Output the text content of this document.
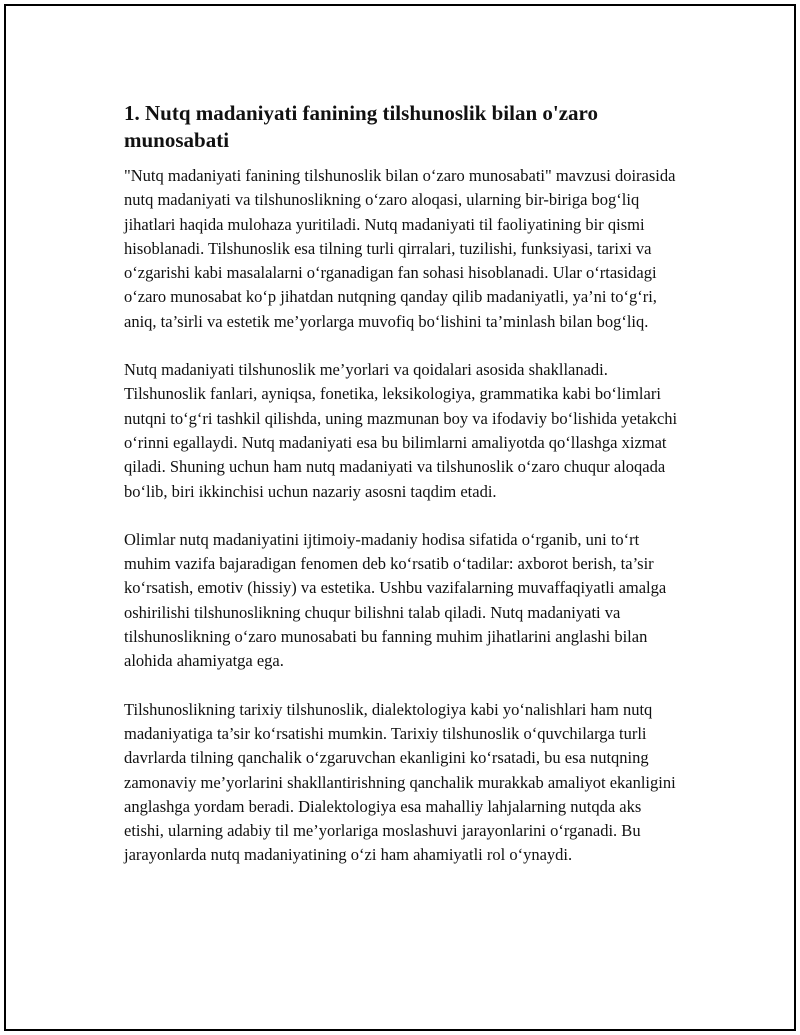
1. Nutq madaniyati fanining tilshunoslik bilan o'zaro munosabati

"Nutq madaniyati fanining tilshunoslik bilan o‘zaro munosabati" mavzusi doirasida nutq madaniyati va tilshunoslikning o‘zaro aloqasi, ularning bir-biriga bog‘liq jihatlari haqida mulohaza yuritiladi. Nutq madaniyati til faoliyatining bir qismi hisoblanadi. Tilshunoslik esa tilning turli qirralari, tuzilishi, funksiyasi, tarixi va o‘zgarishi kabi masalalarni o‘rganadigan fan sohasi hisoblanadi. Ular o‘rtasidagi o‘zaro munosabat ko‘p jihatdan nutqning qanday qilib madaniyatli, ya’ni to‘g‘ri, aniq, ta’sirli va estetik me’yorlarga muvofiq bo‘lishini ta’minlash bilan bog‘liq.

Nutq madaniyati tilshunoslik me’yorlari va qoidalari asosida shakllanadi. Tilshunoslik fanlari, ayniqsa, fonetika, leksikologiya, grammatika kabi bo‘limlari nutqni to‘g‘ri tashkil qilishda, uning mazmunan boy va ifodaviy bo‘lishida yetakchi o‘rinni egallaydi. Nutq madaniyati esa bu bilimlarni amaliyotda qo‘llashga xizmat qiladi. Shuning uchun ham nutq madaniyati va tilshunoslik o‘zaro chuqur aloqada bo‘lib, biri ikkinchisi uchun nazariy asosni taqdim etadi.

Olimlar nutq madaniyatini ijtimoiy-madaniy hodisa sifatida o‘rganib, uni to‘rt muhim vazifa bajaradigan fenomen deb ko‘rsatib o‘tadilar: axborot berish, ta’sir ko‘rsatish, emotiv (hissiy) va estetika. Ushbu vazifalarning muvaffaqiyatli amalga oshirilishi tilshunoslikning chuqur bilishni talab qiladi. Nutq madaniyati va tilshunoslikning o‘zaro munosabati bu fanning muhim jihatlarini anglashi bilan alohida ahamiyatga ega.

Tilshunoslikning tarixiy tilshunoslik, dialektologiya kabi yo‘nalishlari ham nutq madaniyatiga ta’sir ko‘rsatishi mumkin. Tarixiy tilshunoslik o‘quvchilarga turli davrlarda tilning qanchalik o‘zgaruvchan ekanligini ko‘rsatadi, bu esa nutqning zamonaviy me’yorlarini shakllantirishning qanchalik murakkab amaliyot ekanligini anglashga yordam beradi. Dialektologiya esa mahalliy lahjalarning nutqda aks etishi, ularning adabiy til me’yorlariga moslashuvi jarayonlarini o‘rganadi. Bu jarayonlarda nutq madaniyatining o‘zi ham ahamiyatli rol o‘ynaydi.
